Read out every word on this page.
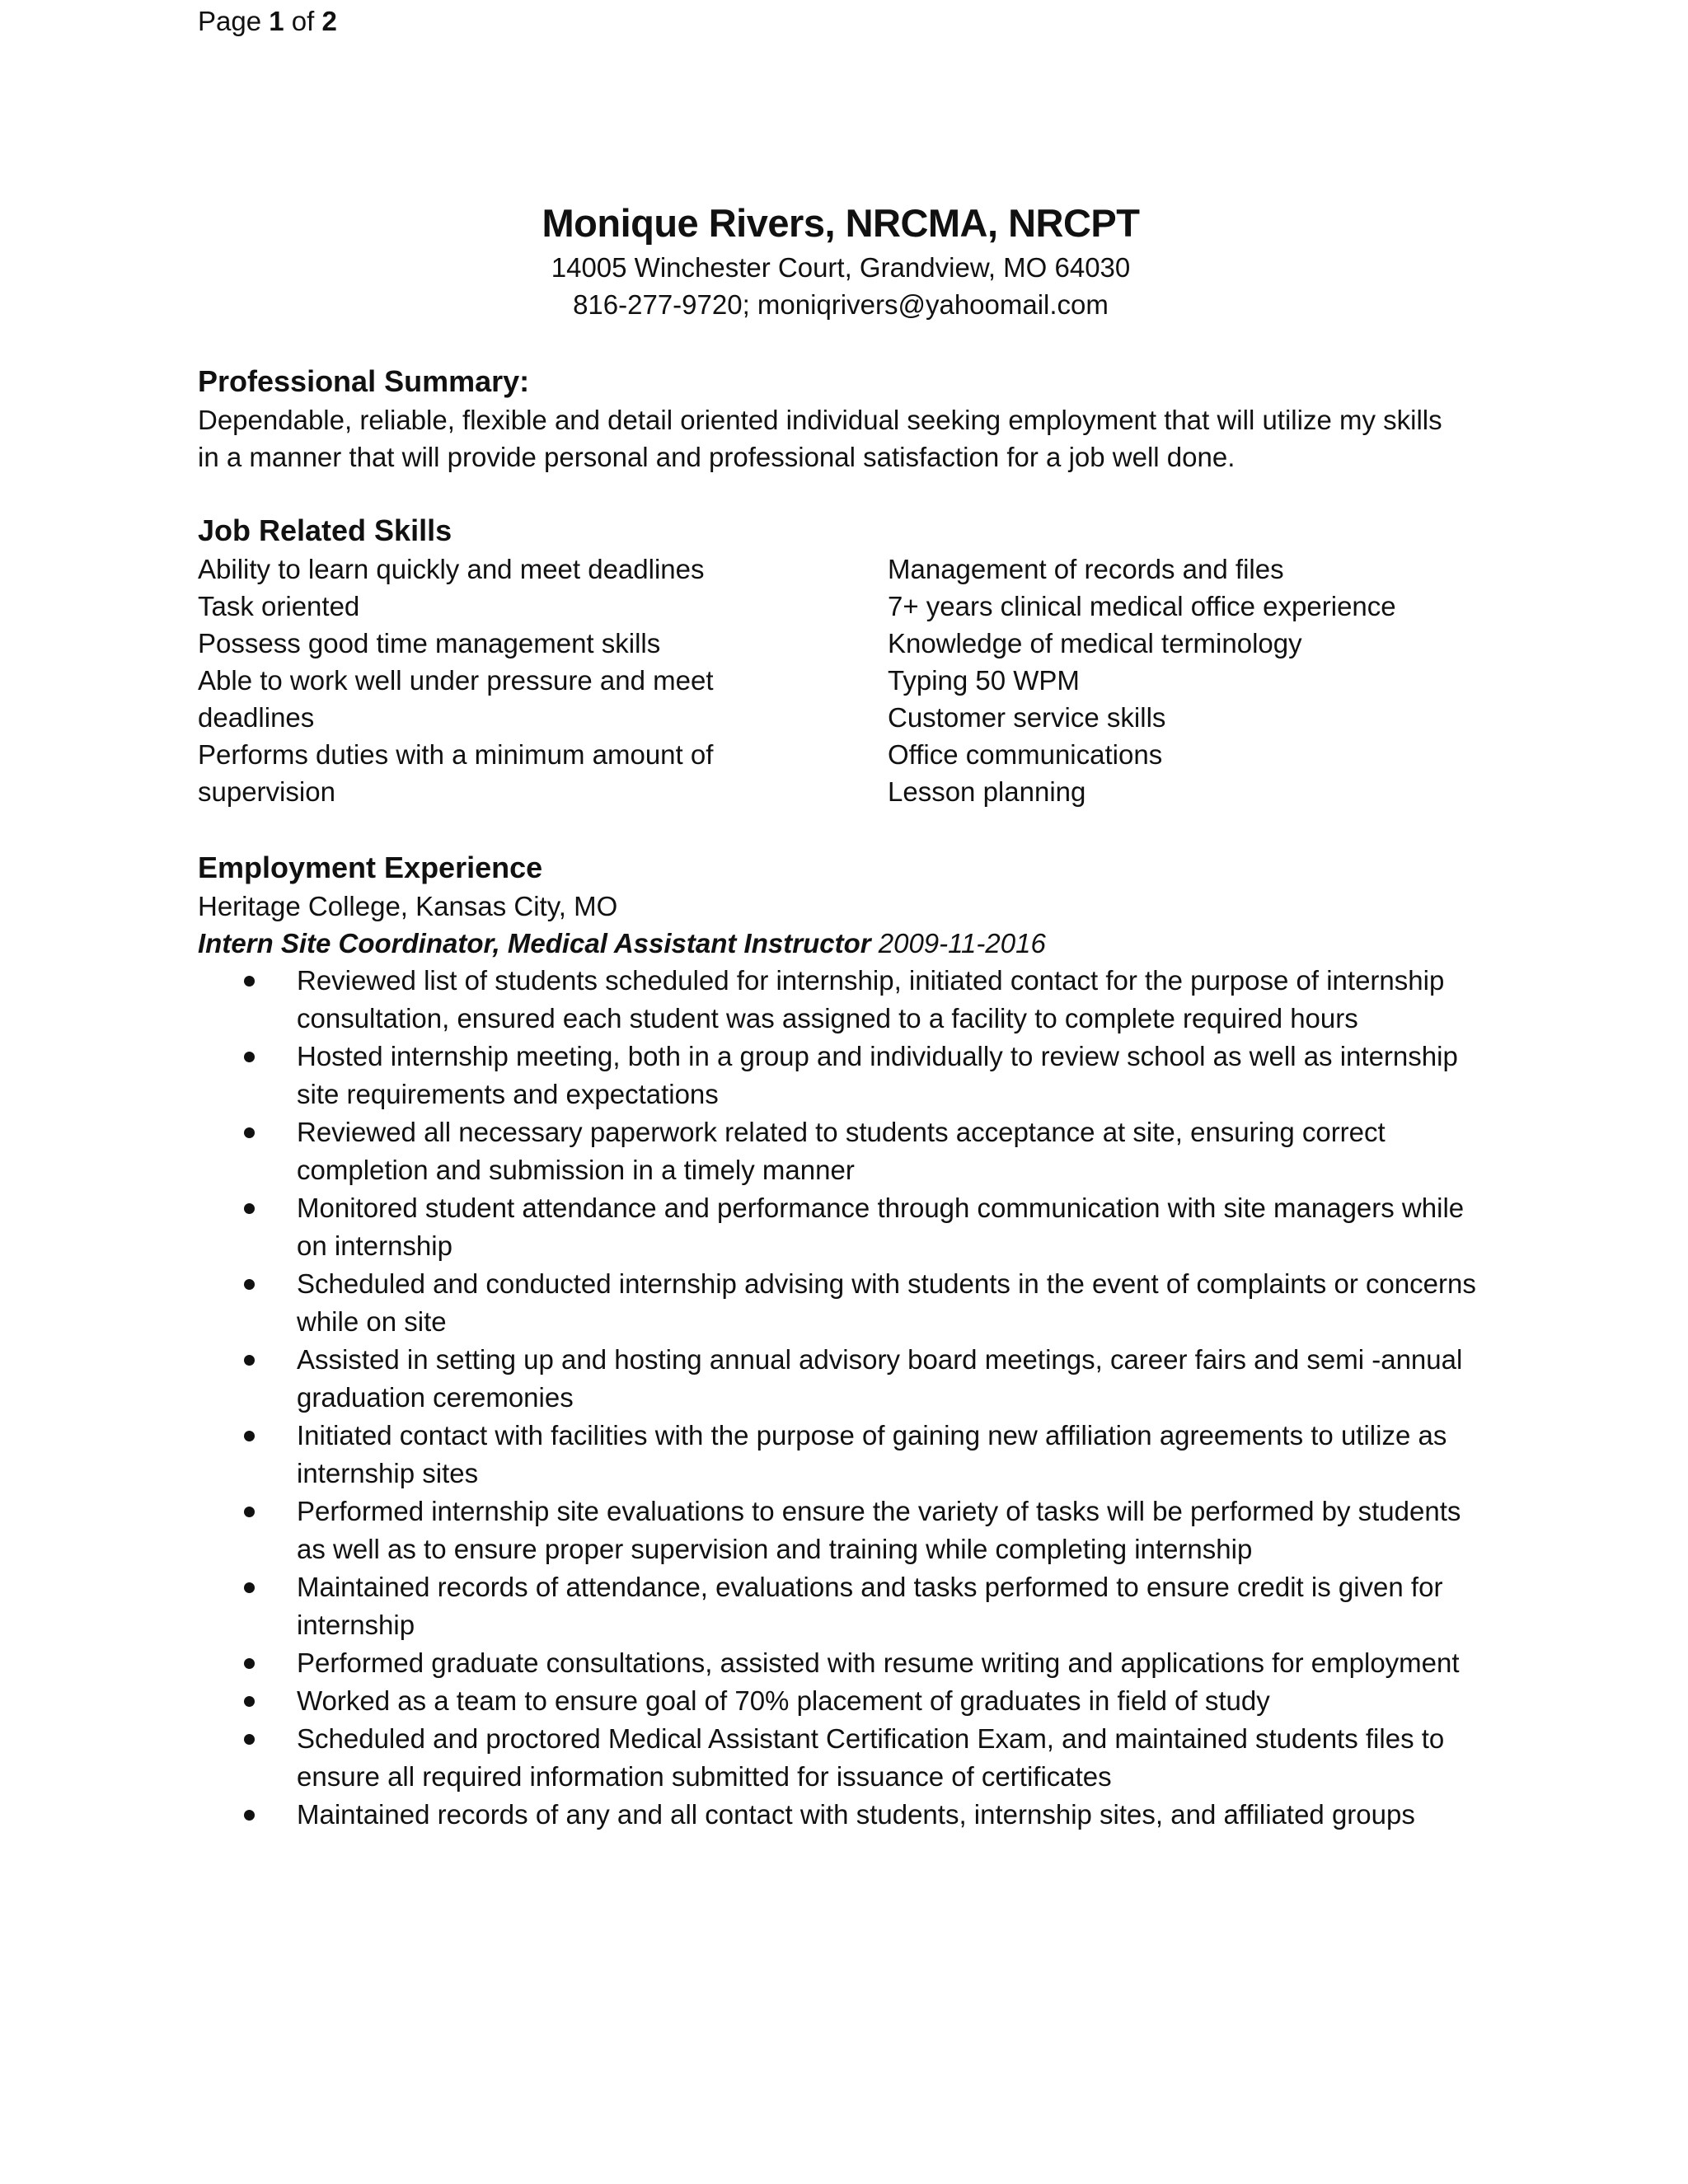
Page 1 of 2
Monique Rivers, NRCMA, NRCPT
14005 Winchester Court, Grandview, MO 64030
816-277-9720; moniqrivers@yahoomail.com
Professional Summary:
Dependable, reliable, flexible and detail oriented individual seeking employment that will utilize my skills in a manner that will provide personal and professional satisfaction for a job well done.
Job Related Skills
Ability to learn quickly and meet deadlines
Task oriented
Possess good time management skills
Able to work well under pressure and meet deadlines
Performs duties with a minimum amount of supervision
Management of records and files
7+ years clinical medical office experience
Knowledge of medical terminology
Typing 50 WPM
Customer service skills
Office communications
Lesson planning
Employment Experience
Heritage College, Kansas City, MO
Intern Site Coordinator, Medical Assistant Instructor 2009-11-2016
Reviewed list of students scheduled for internship, initiated contact for the purpose of internship consultation, ensured each student was assigned to a facility to complete required hours
Hosted internship meeting, both in a group and individually to review school as well as internship site requirements and expectations
Reviewed all necessary paperwork related to students acceptance at site, ensuring correct completion and submission in a timely manner
Monitored student attendance and performance through communication with site managers while on internship
Scheduled and conducted internship advising with students in the event of complaints or concerns while on site
Assisted in setting up and hosting annual advisory board meetings, career fairs and semi -annual graduation ceremonies
Initiated contact with facilities with the purpose of gaining new affiliation agreements to utilize as internship sites
Performed internship site evaluations to ensure the variety of tasks will be performed by students as well as to ensure proper supervision and training while completing internship
Maintained records of attendance, evaluations and tasks performed to ensure credit is given for internship
Performed graduate consultations, assisted with resume writing and applications for employment
Worked as a team to ensure goal of 70% placement of graduates in field of study
Scheduled and proctored Medical Assistant Certification Exam, and maintained students files to ensure all required information submitted for issuance of certificates
Maintained records of any and all contact with students, internship sites, and affiliated groups
